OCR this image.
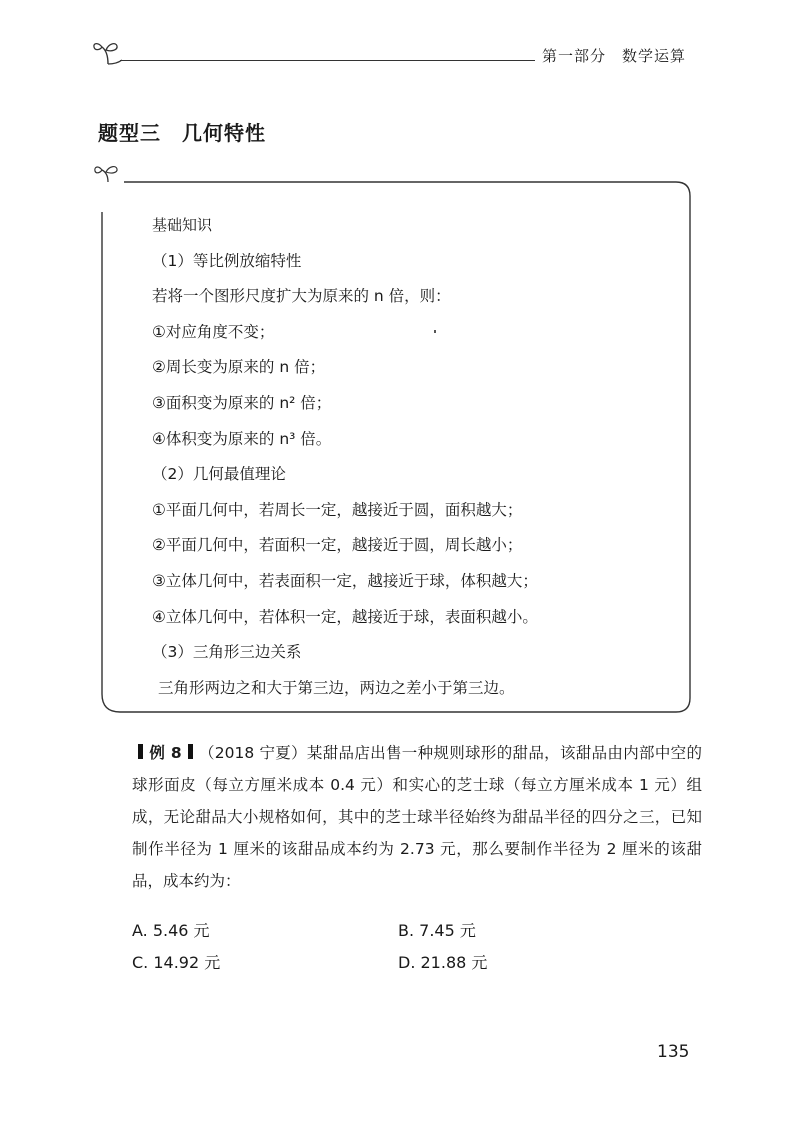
第一部分　数学运算
题型三　几何特性
基础知识
（1）等比例放缩特性
若将一个图形尺度扩大为原来的 n 倍，则：
①对应角度不变；
②周长变为原来的 n 倍；
③面积变为原来的 n² 倍；
④体积变为原来的 n³ 倍。
（2）几何最值理论
①平面几何中，若周长一定，越接近于圆，面积越大；
②平面几何中，若面积一定，越接近于圆，周长越小；
③立体几何中，若表面积一定，越接近于球，体积越大；
④立体几何中，若体积一定，越接近于球，表面积越小。
（3）三角形三边关系
三角形两边之和大于第三边，两边之差小于第三边。
例 8 （2018 宁夏）某甜品店出售一种规则球形的甜品，该甜品由内部中空的球形面皮（每立方厘米成本 0.4 元）和实心的芝士球（每立方厘米成本 1 元）组成，无论甜品大小规格如何，其中的芝士球半径始终为甜品半径的四分之三，已知制作半径为 1 厘米的该甜品成本约为 2.73 元，那么要制作半径为 2 厘米的该甜品，成本约为：
A. 5.46 元	B. 7.45 元
C. 14.92 元	D. 21.88 元
135
